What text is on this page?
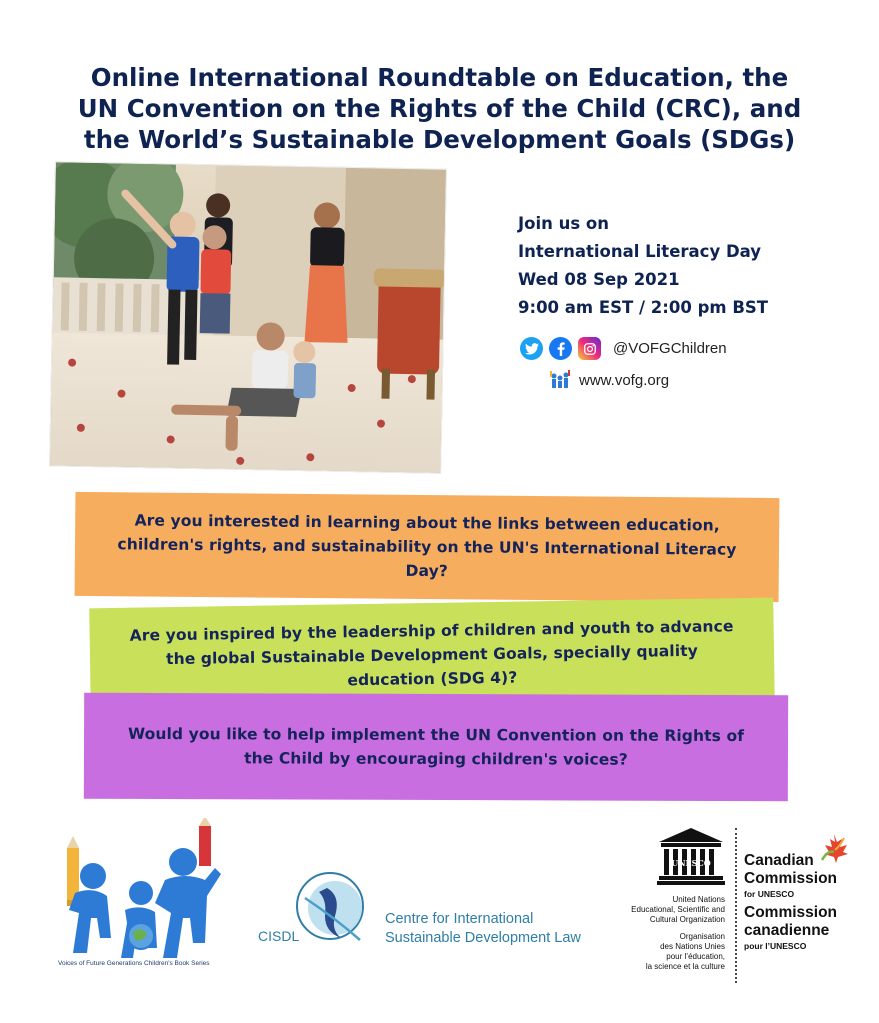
Online International Roundtable on Education, the
UN Convention on the Rights of the Child (CRC), and
the World’s Sustainable Development Goals (SDGs)
Join us on
International Literacy Day
Wed 08 Sep 2021
9:00 am EST / 2:00 pm BST
@VOFGChildren
www.vofg.org
Are you interested in learning about the links between education, children's rights, and sustainability on the UN's International Literacy Day?
Are you inspired by the leadership of children and youth to advance the global Sustainable Development Goals, specially quality education (SDG 4)?
Would you like to help implement the UN Convention on the Rights of the Child by encouraging children's voices?
Voices of Future Generations Children's Book Series
CISDL
Centre for International
Sustainable Development Law
UNESCO
United Nations
Educational, Scientific and
Cultural Organization
Organisation
des Nations Unies
pour l’éducation,
la science et la culture
Canadian
Commission
for UNESCO
Commission
canadienne
pour l’UNESCO
